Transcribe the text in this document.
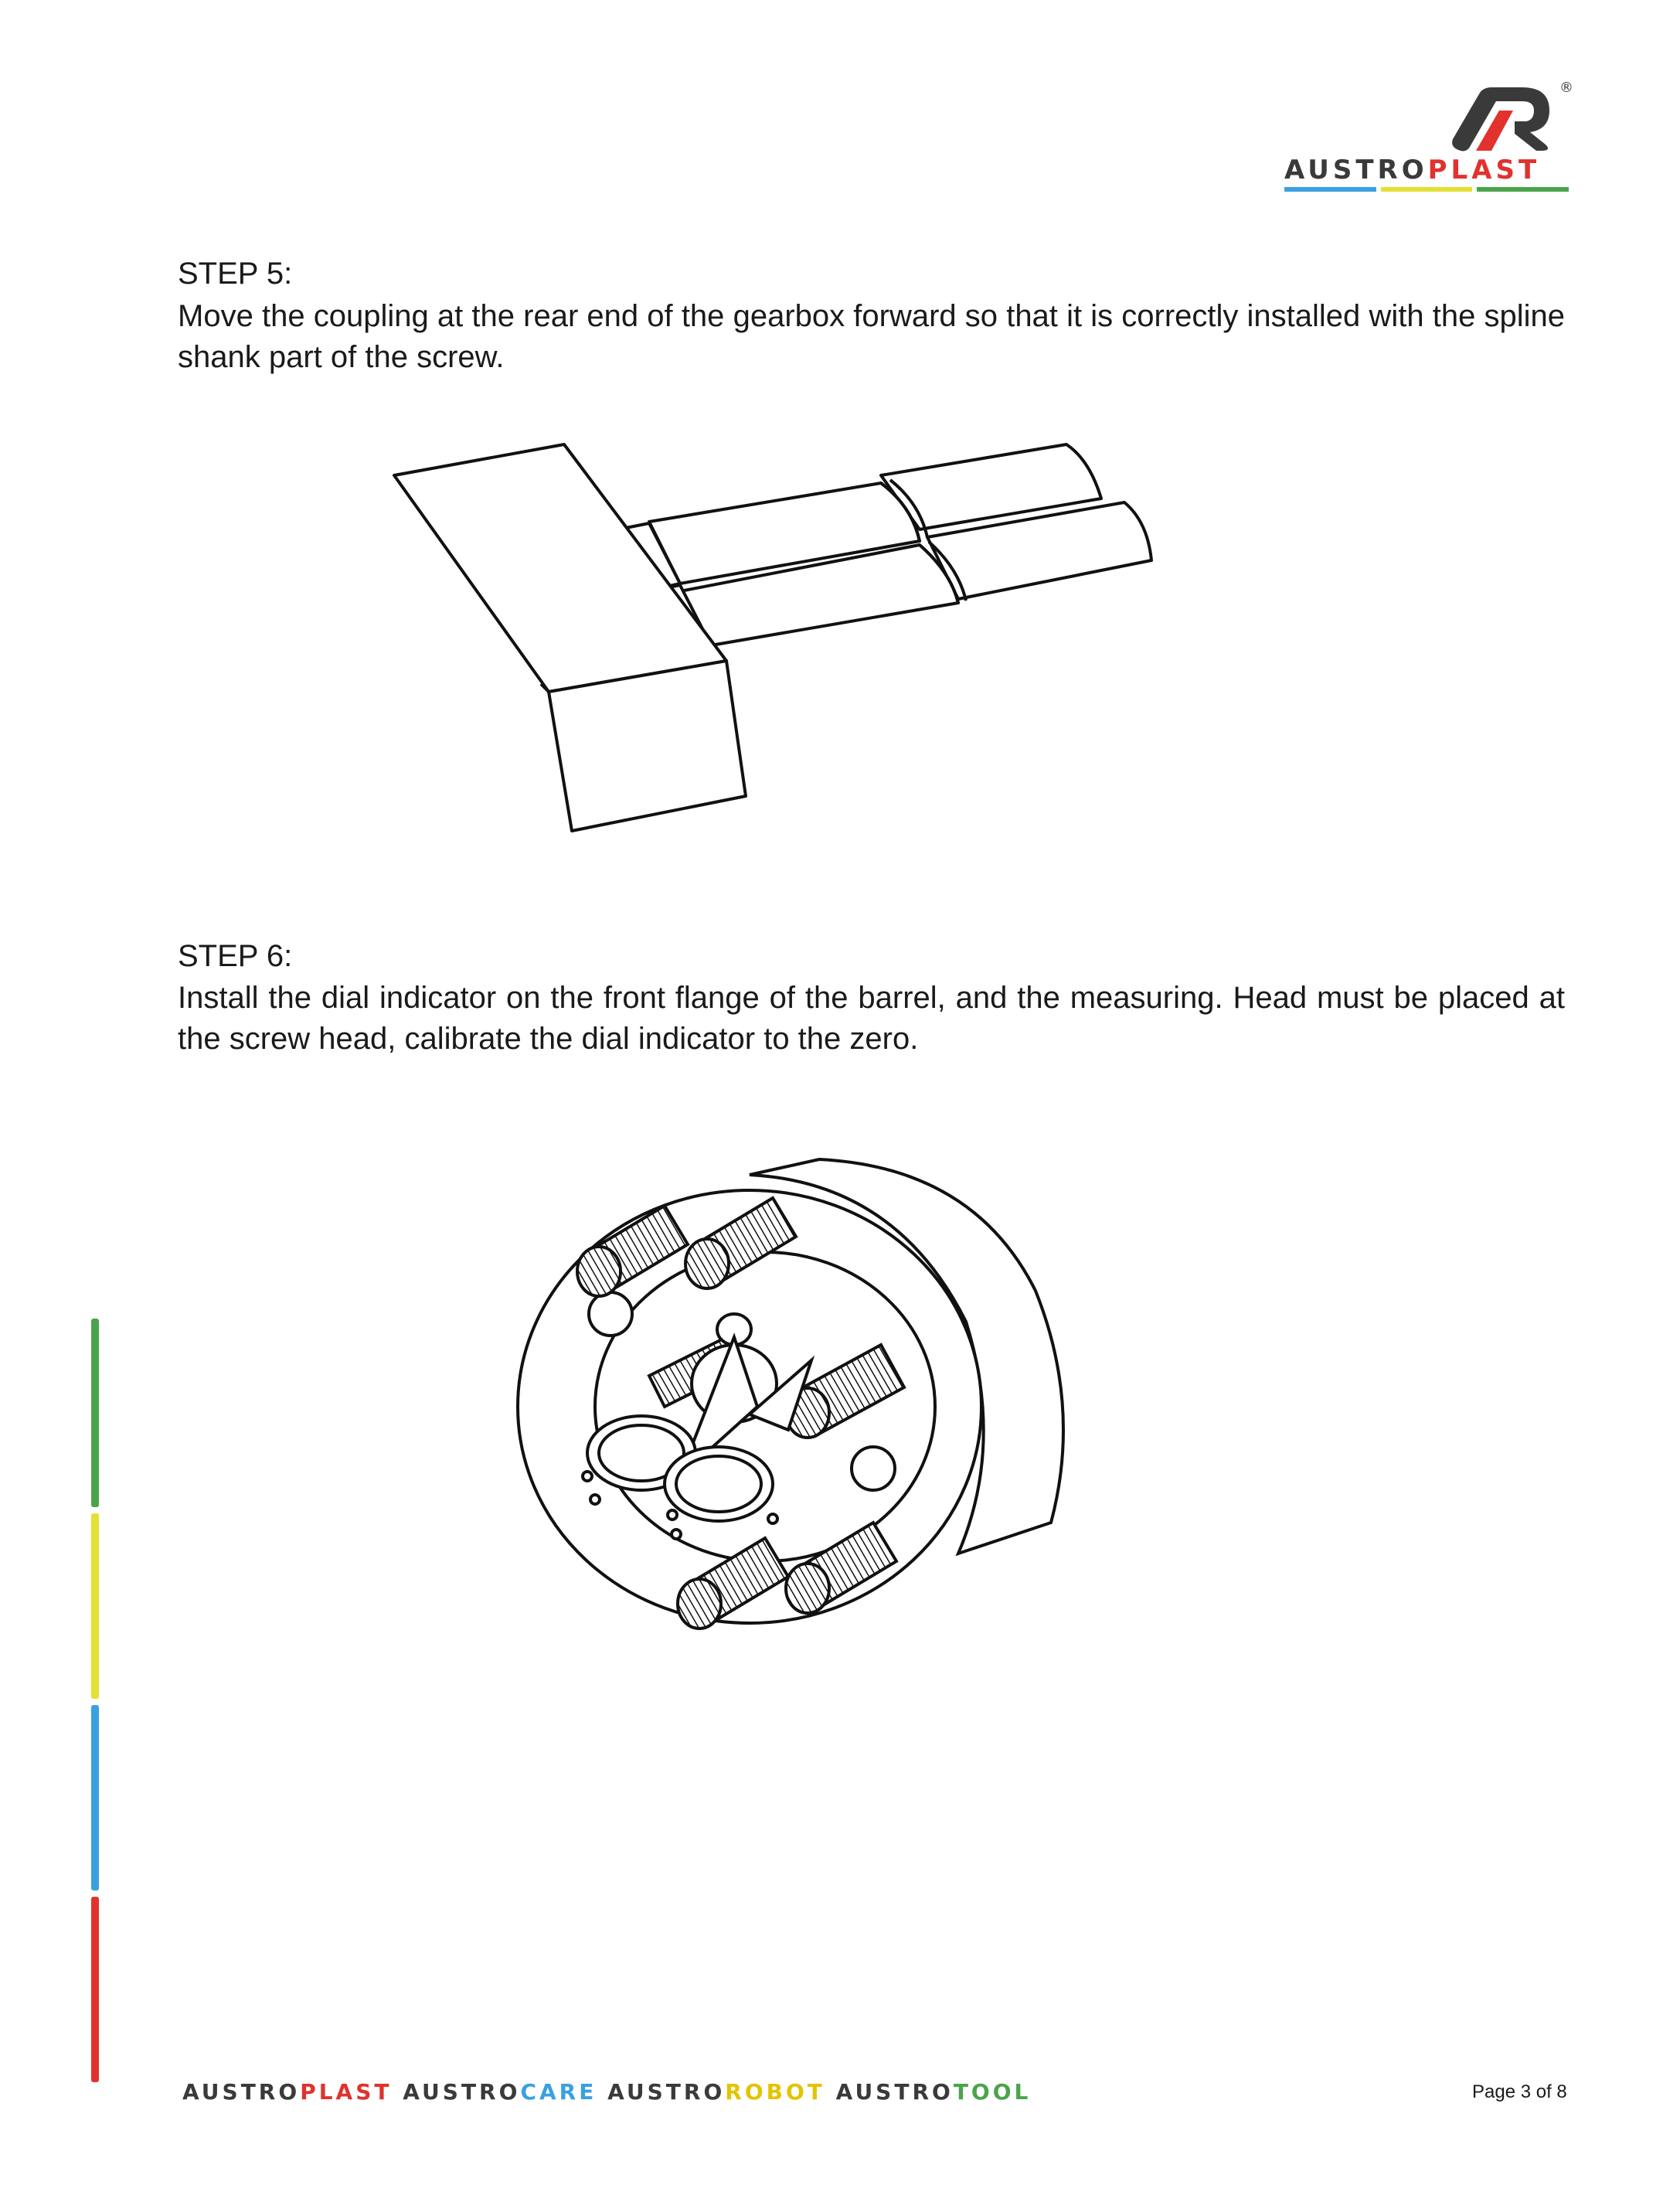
®
AUSTROPLAST
STEP 5:

Move the coupling at the rear end of the gearbox forward so that it is correctly installed with the spline shank part of the screw.

STEP 6:

Install the dial indicator on the front flange of the barrel, and the measuring. Head must be placed at the screw head, calibrate the dial indicator to the zero.

AUSTROPLAST AUSTROCARE AUSTROROBOT AUSTROTOOL	Page 3 of 8
